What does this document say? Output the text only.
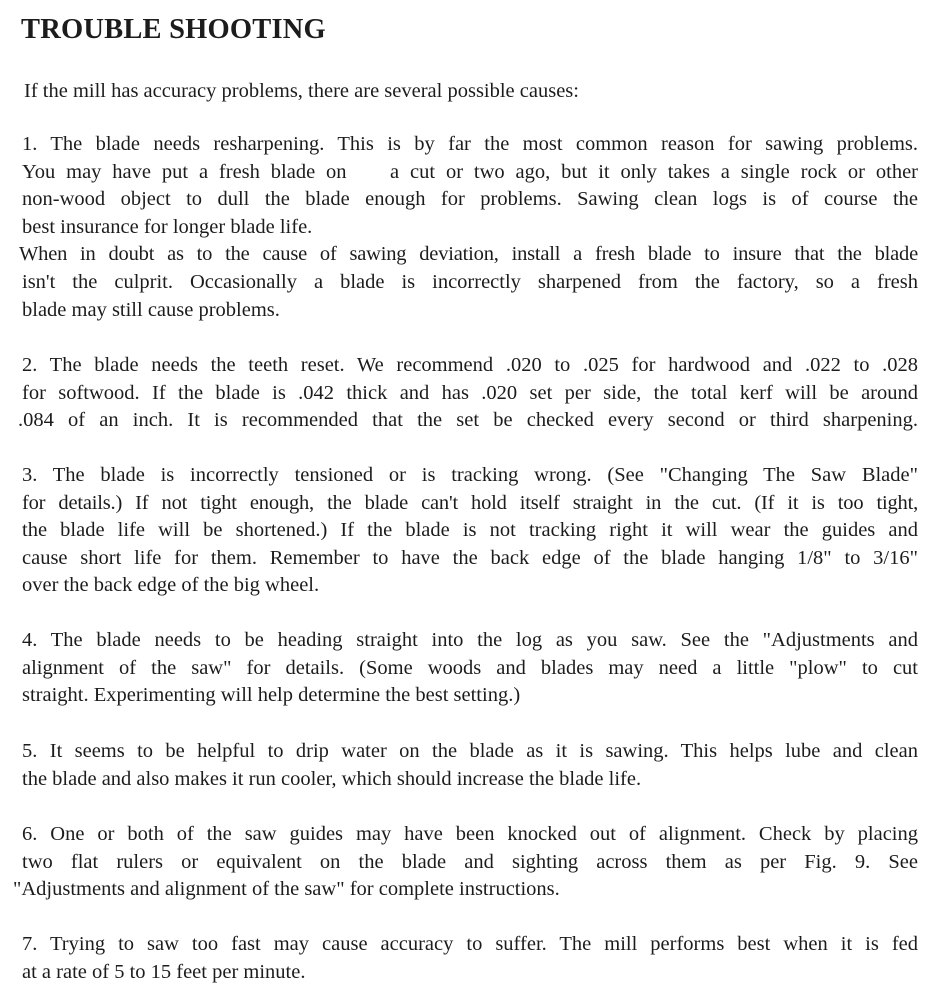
TROUBLE SHOOTING

If the mill has accuracy problems, there are several possible causes:

1. The blade needs resharpening. This is by far the most common reason for sawing problems.
You may have put a fresh blade on    a cut or two ago, but it only takes a single rock or other
non-wood object to dull the blade enough for problems. Sawing clean logs is of course the
best insurance for longer blade life.
When in doubt as to the cause of sawing deviation, install a fresh blade to insure that the blade
isn't the culprit. Occasionally a blade is incorrectly sharpened from the factory, so a fresh
blade may still cause problems.
2. The blade needs the teeth reset. We recommend .020 to .025 for hardwood and .022 to .028
for softwood. If the blade is .042 thick and has .020 set per side, the total kerf will be around
.084 of an inch. It is recommended that the set be checked every second or third sharpening.
3. The blade is incorrectly tensioned or is tracking wrong. (See "Changing The Saw Blade"
for details.) If not tight enough, the blade can't hold itself straight in the cut. (If it is too tight,
the blade life will be shortened.) If the blade is not tracking right it will wear the guides and
cause short life for them. Remember to have the back edge of the blade hanging 1/8" to 3/16"
over the back edge of the big wheel.
4. The blade needs to be heading straight into the log as you saw. See the "Adjustments and
alignment of the saw" for details. (Some woods and blades may need a little "plow" to cut
straight. Experimenting will help determine the best setting.)
5. It seems to be helpful to drip water on the blade as it is sawing. This helps lube and clean
the blade and also makes it run cooler, which should increase the blade life.
6. One or both of the saw guides may have been knocked out of alignment. Check by placing
two flat rulers or equivalent on the blade and sighting across them as per Fig. 9. See
"Adjustments and alignment of the saw" for complete instructions.
7. Trying to saw too fast may cause accuracy to suffer. The mill performs best when it is fed
at a rate of 5 to 15 feet per minute.
